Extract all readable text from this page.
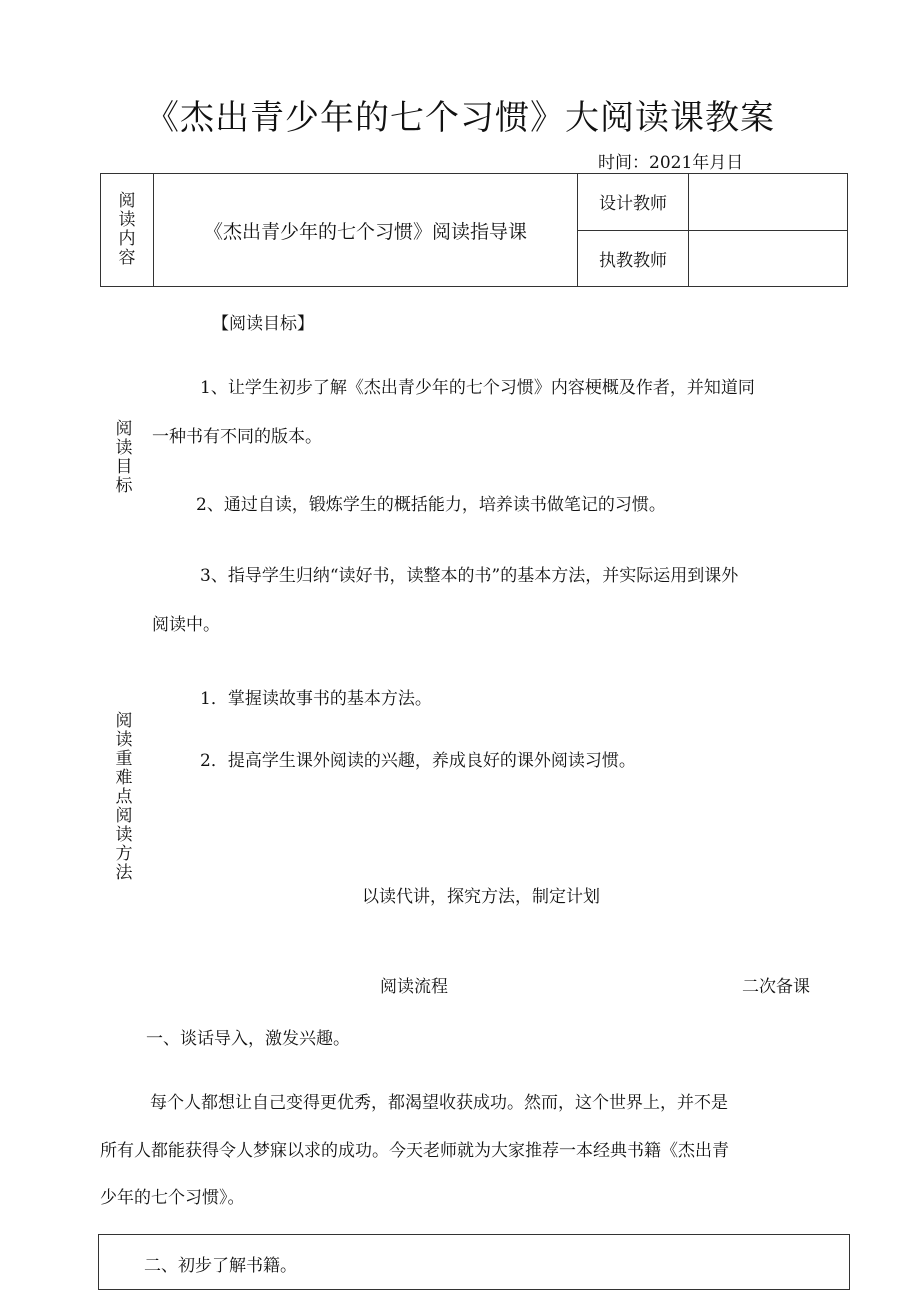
《杰出青少年的七个习惯》大阅读课教案
时间：2021年月日
阅
读
内
容	《杰出青少年的七个习惯》阅读指导课	设计教师	
		执教教师	
【阅读目标】
阅
读
目
标
1、让学生初步了解《杰出青少年的七个习惯》内容梗概及作者，并知道同
一种书有不同的版本。
2、通过自读，锻炼学生的概括能力，培养读书做笔记的习惯。
3、指导学生归纳“读好书，读整本的书”的基本方法，并实际运用到课外
阅读中。
阅
读
重
难
点
阅
读
方
法
1．掌握读故事书的基本方法。
2．提高学生课外阅读的兴趣，养成良好的课外阅读习惯。
以读代讲，探究方法，制定计划
阅读流程	二次备课
一、谈话导入，激发兴趣。
每个人都想让自己变得更优秀，都渴望收获成功。然而，这个世界上，并不是
所有人都能获得令人梦寐以求的成功。今天老师就为大家推荐一本经典书籍《杰出青
少年的七个习惯》。
二、初步了解书籍。
